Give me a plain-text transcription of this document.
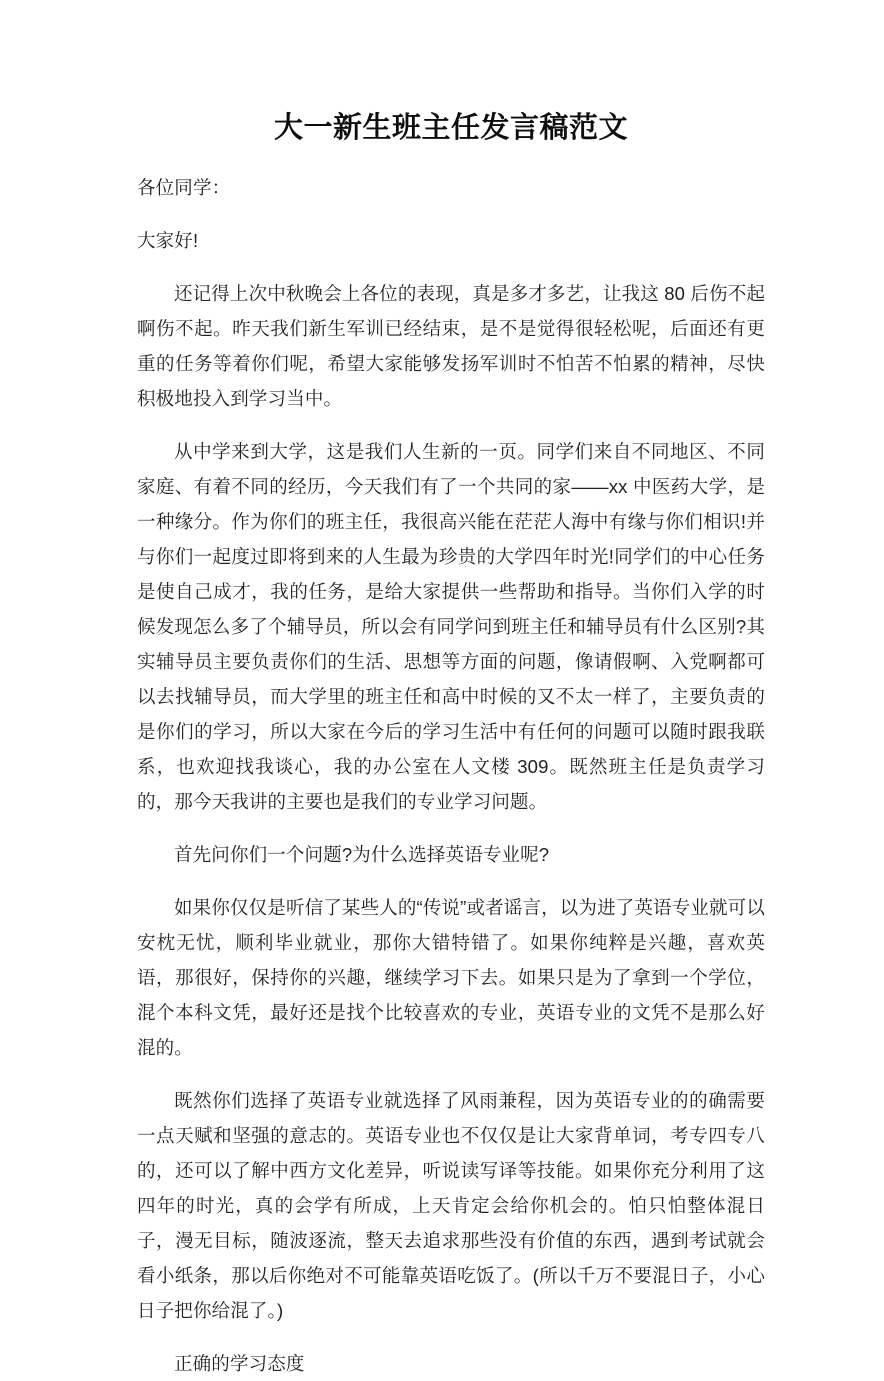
大一新生班主任发言稿范文

各位同学：

大家好!

还记得上次中秋晚会上各位的表现，真是多才多艺，让我这 80 后伤不起啊伤不起。昨天我们新生军训已经结束，是不是觉得很轻松呢，后面还有更重的任务等着你们呢，希望大家能够发扬军训时不怕苦不怕累的精神，尽快积极地投入到学习当中。

从中学来到大学，这是我们人生新的一页。同学们来自不同地区、不同家庭、有着不同的经历，今天我们有了一个共同的家——xx 中医药大学，是一种缘分。作为你们的班主任，我很高兴能在茫茫人海中有缘与你们相识!并与你们一起度过即将到来的人生最为珍贵的大学四年时光!同学们的中心任务是使自己成才，我的任务，是给大家提供一些帮助和指导。当你们入学的时候发现怎么多了个辅导员，所以会有同学问到班主任和辅导员有什么区别?其实辅导员主要负责你们的生活、思想等方面的问题，像请假啊、入党啊都可以去找辅导员，而大学里的班主任和高中时候的又不太一样了，主要负责的是你们的学习，所以大家在今后的学习生活中有任何的问题可以随时跟我联系，也欢迎找我谈心，我的办公室在人文楼 309。既然班主任是负责学习的，那今天我讲的主要也是我们的专业学习问题。

首先问你们一个问题?为什么选择英语专业呢?

如果你仅仅是听信了某些人的“传说”或者谣言，以为进了英语专业就可以安枕无忧，顺利毕业就业，那你大错特错了。如果你纯粹是兴趣，喜欢英语，那很好，保持你的兴趣，继续学习下去。如果只是为了拿到一个学位，混个本科文凭，最好还是找个比较喜欢的专业，英语专业的文凭不是那么好混的。

既然你们选择了英语专业就选择了风雨兼程，因为英语专业的的确需要一点天赋和坚强的意志的。英语专业也不仅仅是让大家背单词，考专四专八的，还可以了解中西方文化差异，听说读写译等技能。如果你充分利用了这四年的时光，真的会学有所成，上天肯定会给你机会的。怕只怕整体混日子，漫无目标，随波逐流，整天去追求那些没有价值的东西，遇到考试就会看小纸条，那以后你绝对不可能靠英语吃饭了。(所以千万不要混日子，小心日子把你给混了。)

正确的学习态度
